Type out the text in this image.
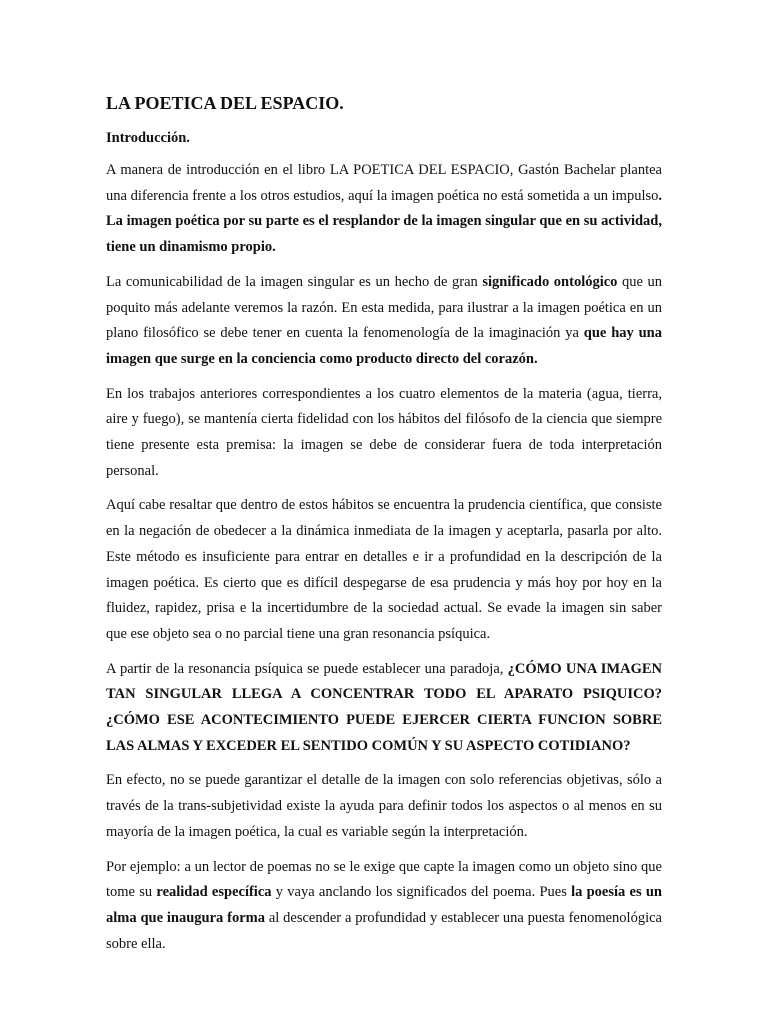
LA POETICA DEL ESPACIO.
Introducción.

A manera de introducción en el libro LA POETICA DEL ESPACIO, Gastón Bachelar plantea una diferencia frente a los otros estudios, aquí la imagen poética no está sometida a un impulso. La imagen poética por su parte es el resplandor de la imagen singular que en su actividad, tiene un dinamismo propio.

La comunicabilidad de la imagen singular es un hecho de gran significado ontológico que un poquito más adelante veremos la razón. En esta medida, para ilustrar a la imagen poética en un plano filosófico se debe tener en cuenta la fenomenología de la imaginación ya que hay una imagen que surge en la conciencia como producto directo del corazón.

En los trabajos anteriores correspondientes a los cuatro elementos de la materia (agua, tierra, aire y fuego), se mantenía cierta fidelidad con los hábitos del filósofo de la ciencia que siempre tiene presente esta premisa: la imagen se debe de considerar fuera de toda interpretación personal.

Aquí cabe resaltar que dentro de estos hábitos se encuentra la prudencia científica, que consiste en la negación de obedecer a la dinámica inmediata de la imagen y aceptarla, pasarla por alto. Este método es insuficiente para entrar en detalles e ir a profundidad en la descripción de la imagen poética. Es cierto que es difícil despegarse de esa prudencia y más hoy por hoy en la fluidez, rapidez, prisa e la incertidumbre de la sociedad actual. Se evade la imagen sin saber que ese objeto sea o no parcial tiene una gran resonancia psíquica.

A partir de la resonancia psíquica se puede establecer una paradoja, ¿CÓMO UNA IMAGEN TAN SINGULAR LLEGA A CONCENTRAR TODO EL APARATO PSIQUICO?¿CÓMO ESE ACONTECIMIENTO PUEDE EJERCER CIERTA FUNCION SOBRE LAS ALMAS Y EXCEDER EL SENTIDO COMÚN Y SU ASPECTO COTIDIANO?

En efecto, no se puede garantizar el detalle de la imagen con solo referencias objetivas, sólo a través de la trans-subjetividad existe la ayuda para definir todos los aspectos o al menos en su mayoría de la imagen poética, la cual es variable según la interpretación.

Por ejemplo: a un lector de poemas no se le exige que capte la imagen como un objeto sino que tome su realidad específica y vaya anclando los significados del poema. Pues la poesía es un alma que inaugura forma al descender a profundidad y establecer una puesta fenomenológica sobre ella.
